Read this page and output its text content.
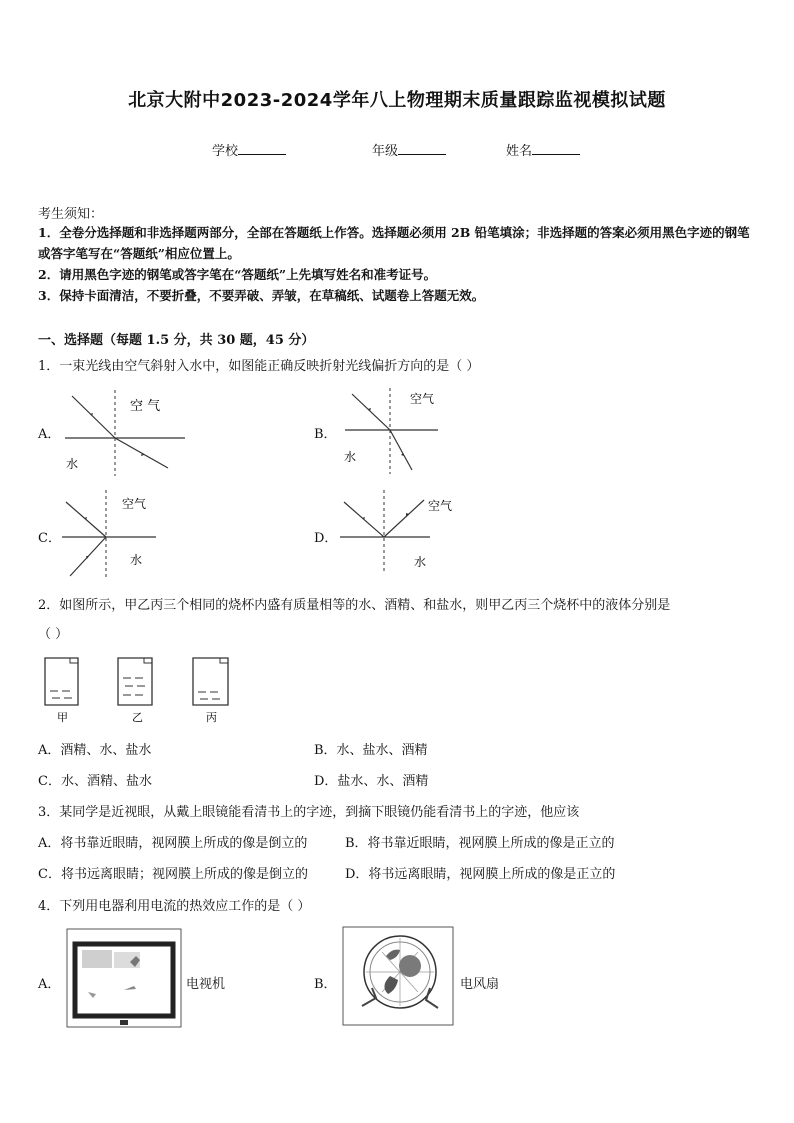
北京大附中2023-2024学年八上物理期末质量跟踪监视模拟试题
学校	年级	姓名
考生须知：
1．全卷分选择题和非选择题两部分，全部在答题纸上作答。选择题必须用 2B 铅笔填涂；非选择题的答案必须用黑色字迹的钢笔或答字笔写在“答题纸”相应位置上。
2．请用黑色字迹的钢笔或答字笔在“答题纸”上先填写姓名和准考证号。
3．保持卡面清洁，不要折叠，不要弄破、弄皱，在草稿纸、试题卷上答题无效。
一、选择题（每题 1.5 分，共 30 题，45 分）
1．一束光线由空气斜射入水中，如图能正确反映折射光线偏折方向的是（ ）
A．
空 气
水
B．
空气
水
C．
空气
水
D．
空气
水
2．如图所示，甲乙丙三个相同的烧杯内盛有质量相等的水、酒精、和盐水，则甲乙丙三个烧杯中的液体分别是
（ ）
甲	乙	丙
A．酒精、水、盐水	B．水、盐水、酒精
C．水、酒精、盐水	D．盐水、水、酒精
3．某同学是近视眼，从戴上眼镜能看清书上的字迹，到摘下眼镜仍能看清书上的字迹，他应该
A．将书靠近眼睛，视网膜上所成的像是倒立的	B．将书靠近眼睛，视网膜上所成的像是正立的
C．将书远离眼睛；视网膜上所成的像是倒立的	D．将书远离眼睛，视网膜上所成的像是正立的
4．下列用电器利用电流的热效应工作的是（ ）
A．	电视机	B．	电风扇
